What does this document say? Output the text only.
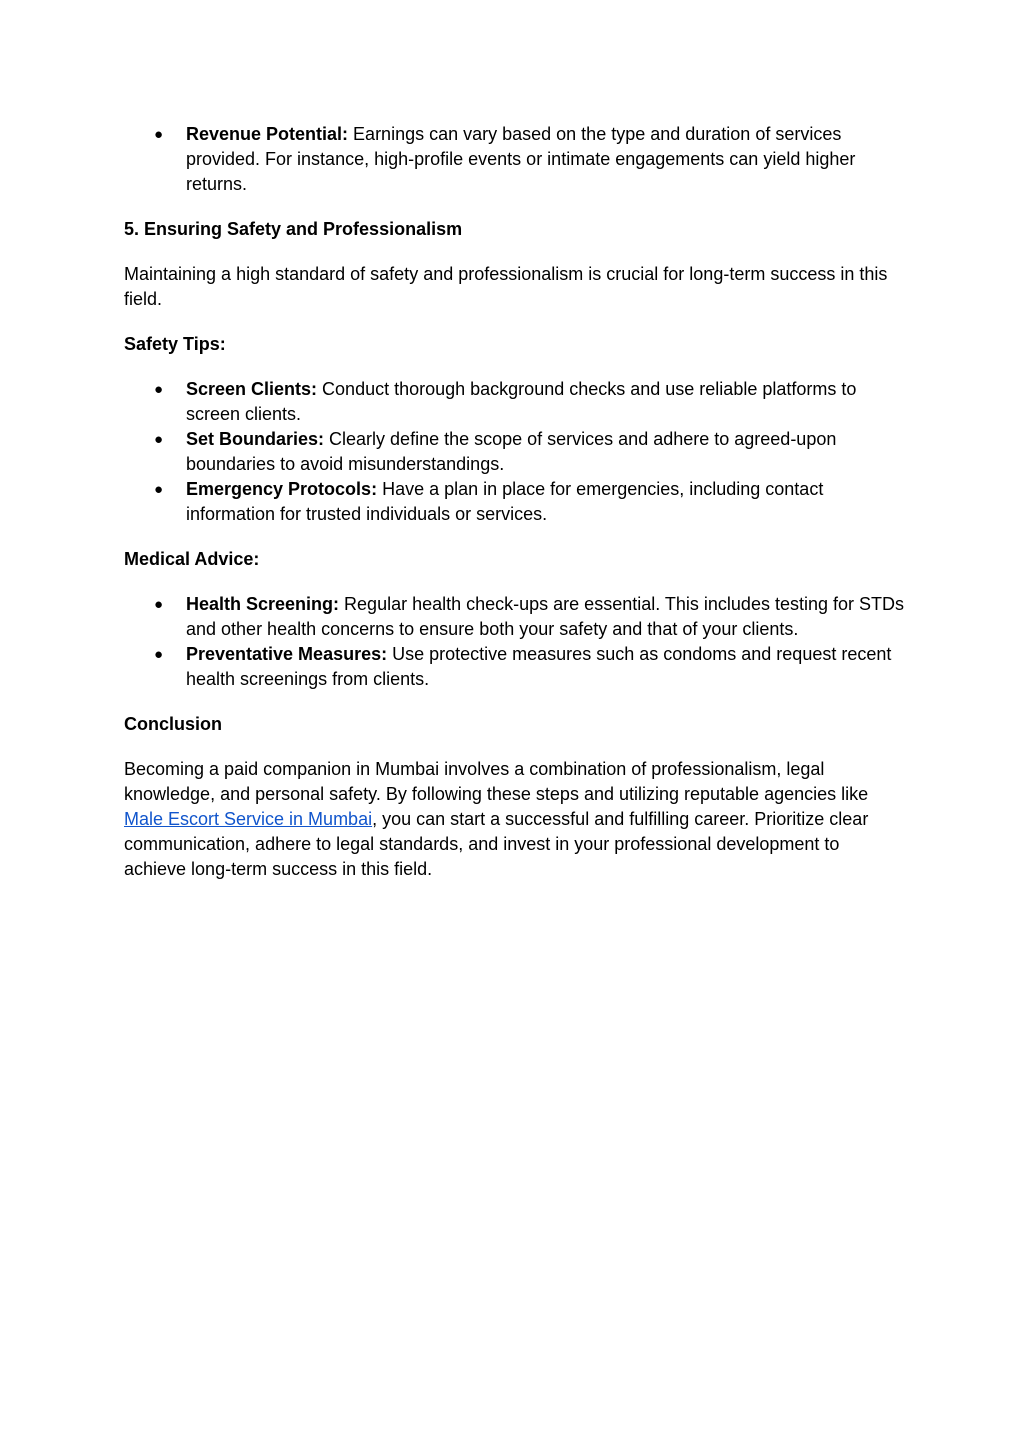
● Revenue Potential: Earnings can vary based on the type and duration of services provided. For instance, high-profile events or intimate engagements can yield higher returns.

5. Ensuring Safety and Professionalism

Maintaining a high standard of safety and professionalism is crucial for long-term success in this field.

Safety Tips:

● Screen Clients: Conduct thorough background checks and use reliable platforms to screen clients.
● Set Boundaries: Clearly define the scope of services and adhere to agreed-upon boundaries to avoid misunderstandings.
● Emergency Protocols: Have a plan in place for emergencies, including contact information for trusted individuals or services.

Medical Advice:

● Health Screening: Regular health check-ups are essential. This includes testing for STDs and other health concerns to ensure both your safety and that of your clients.
● Preventative Measures: Use protective measures such as condoms and request recent health screenings from clients.

Conclusion

Becoming a paid companion in Mumbai involves a combination of professionalism, legal knowledge, and personal safety. By following these steps and utilizing reputable agencies like Male Escort Service in Mumbai, you can start a successful and fulfilling career. Prioritize clear communication, adhere to legal standards, and invest in your professional development to achieve long-term success in this field.
